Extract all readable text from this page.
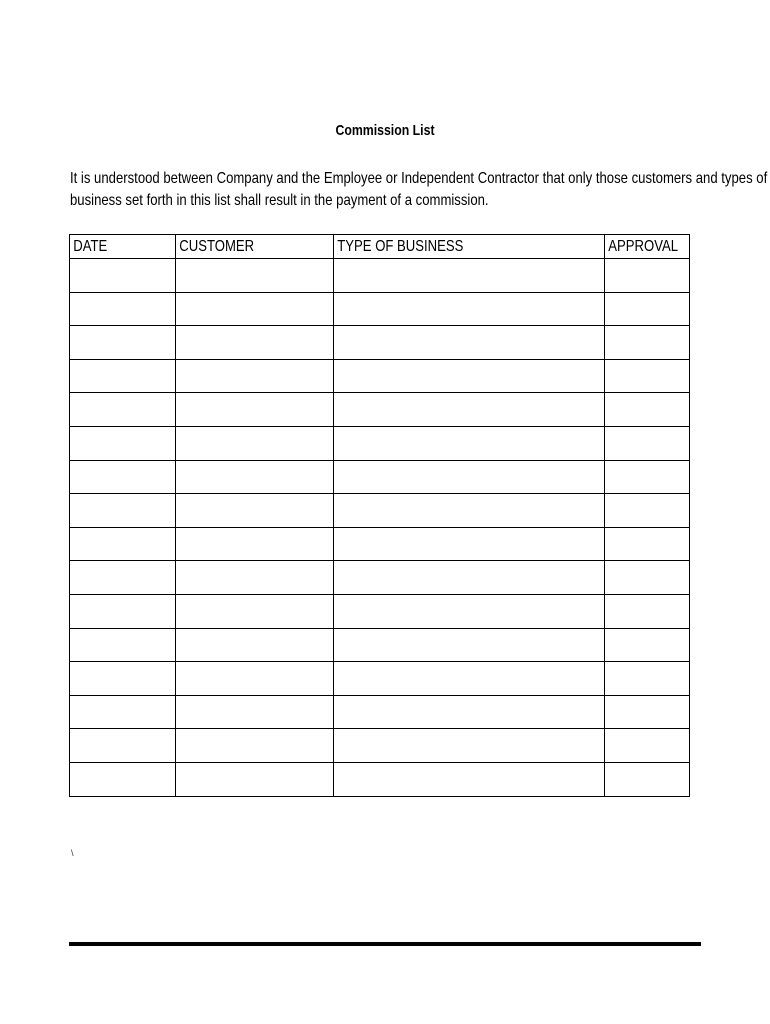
Commission List
It is understood between Company and the Employee or Independent Contractor that only those customers and types of
business set forth in this list shall result in the payment of a commission.
DATE	CUSTOMER	TYPE OF BUSINESS	APPROVAL

\
